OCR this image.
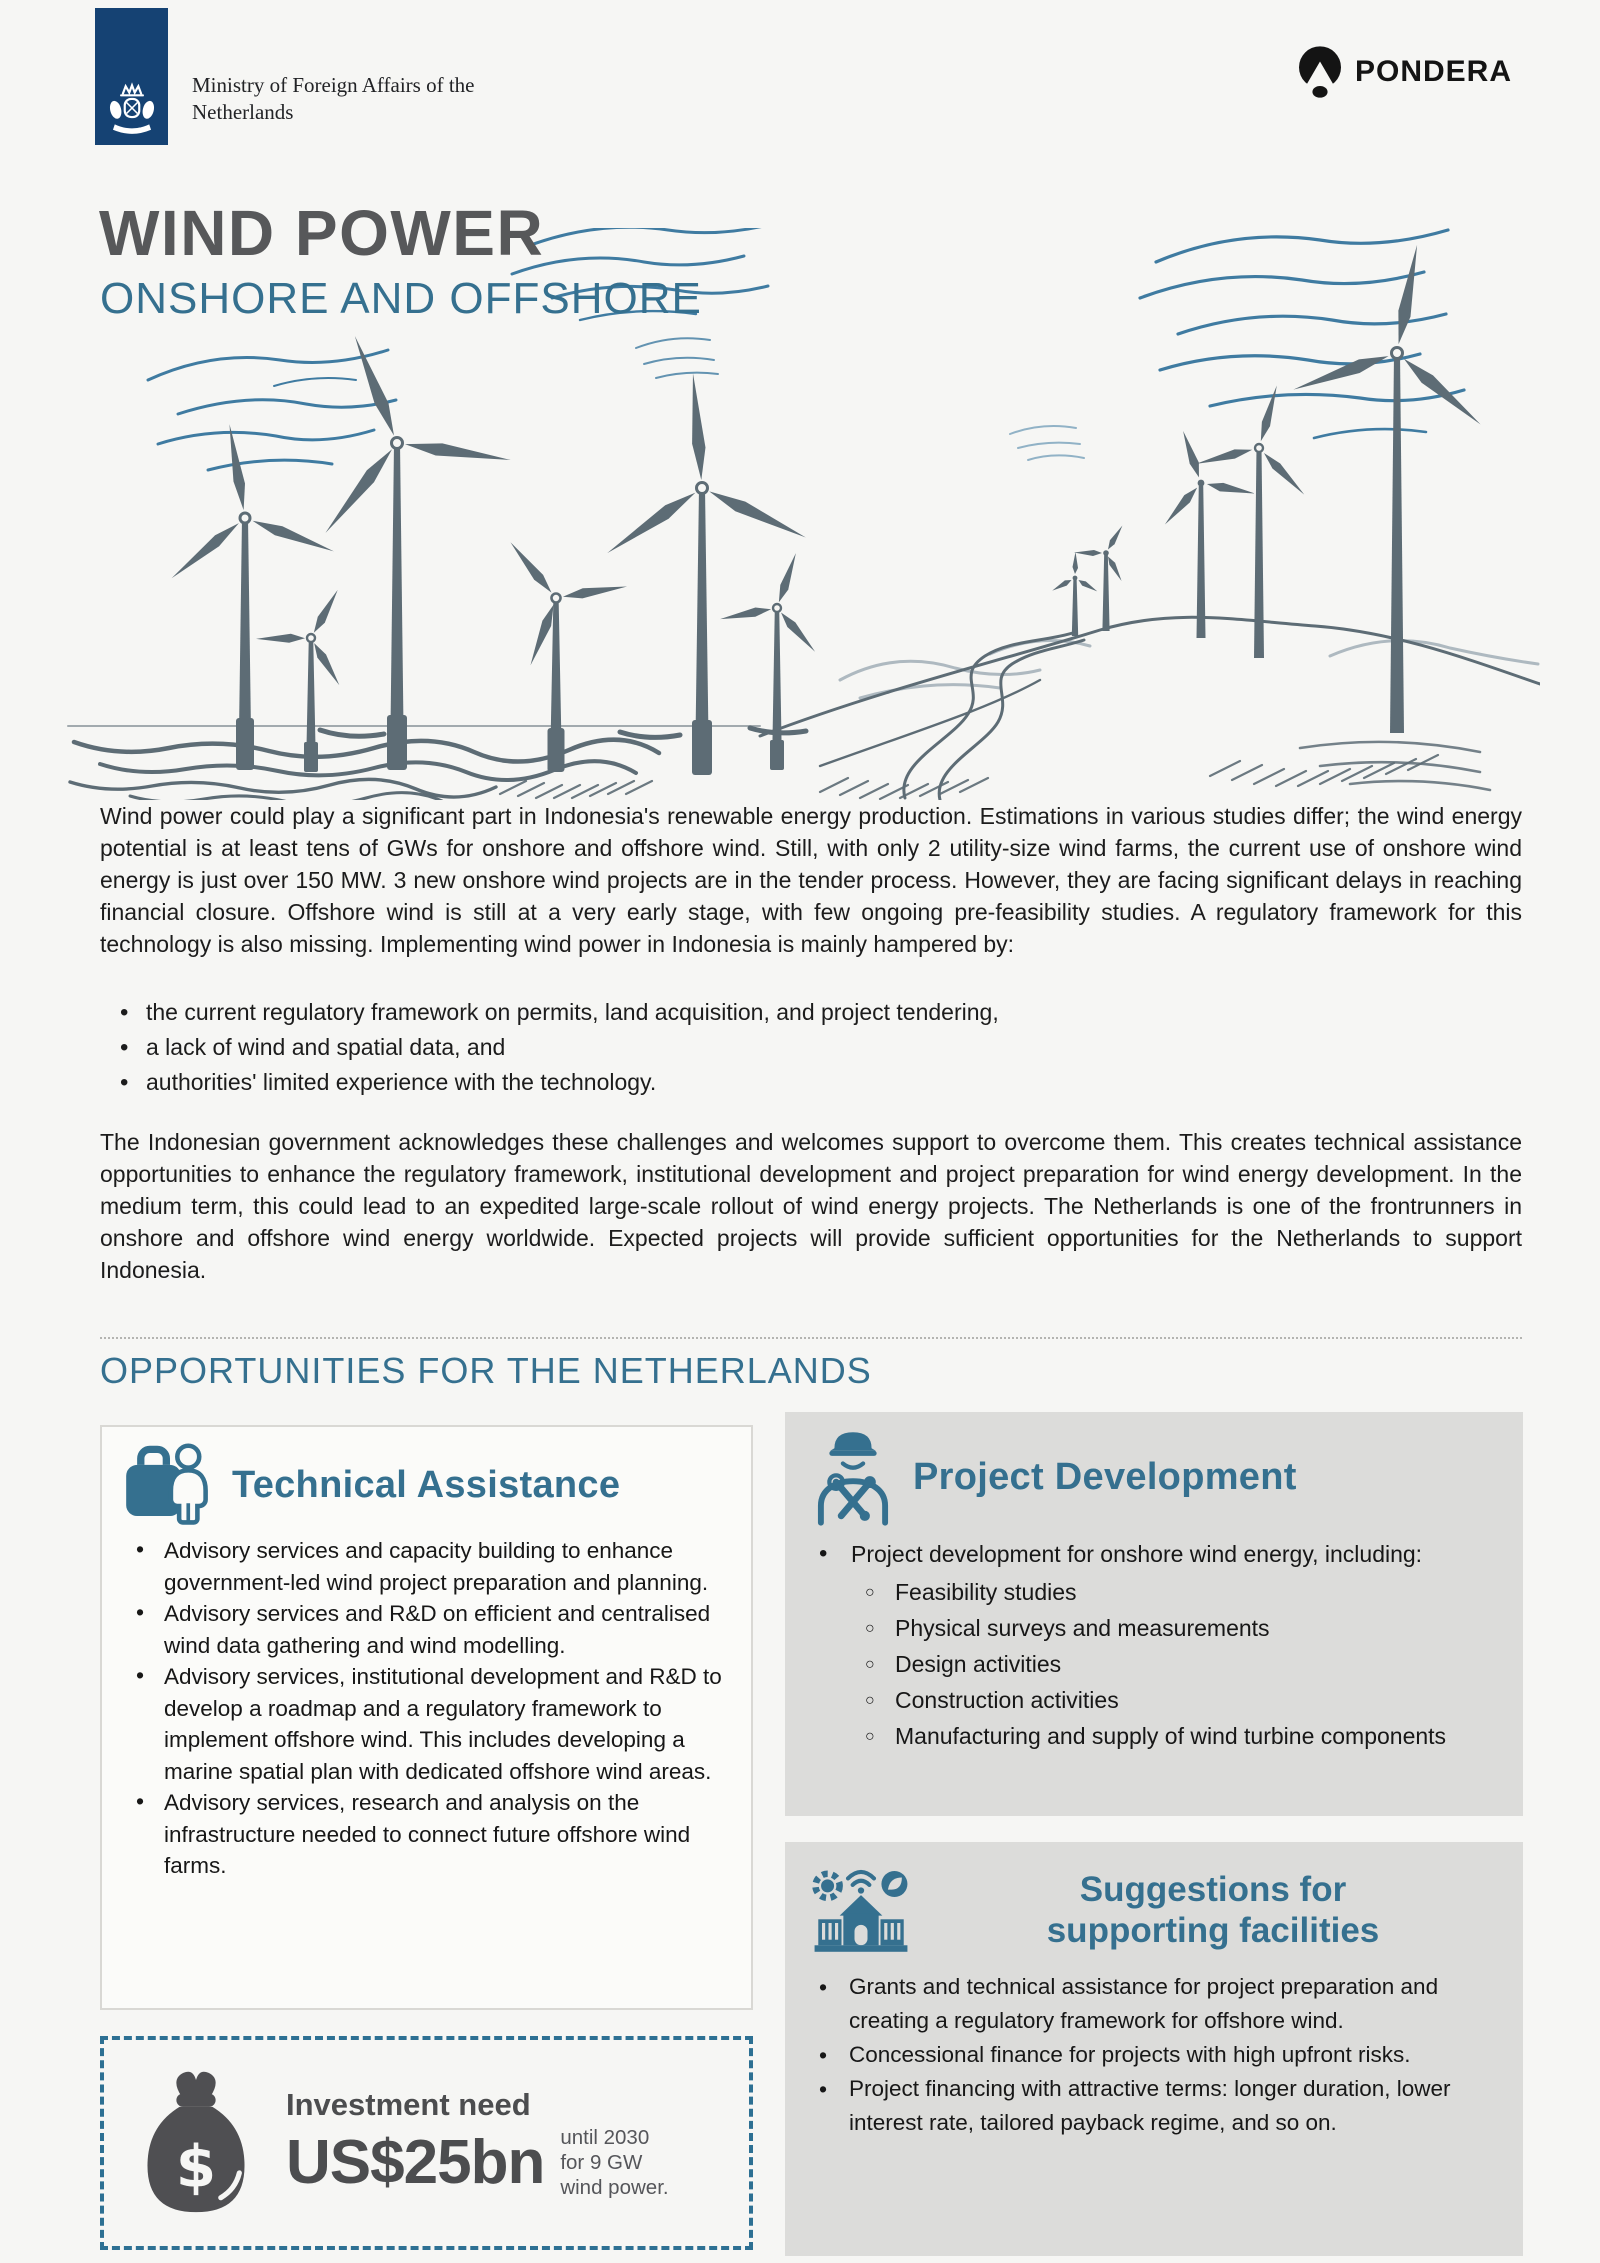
Ministry of Foreign Affairs of the
Netherlands
PONDERA
WIND POWER
ONSHORE AND OFFSHORE

Wind power could play a significant part in Indonesia's renewable energy production. Estimations in various studies differ; the wind energy potential is at least tens of GWs for onshore and offshore wind. Still, with only 2 utility-size wind farms, the current use of onshore wind energy is just over 150 MW. 3 new onshore wind projects are in the tender process. However, they are facing significant delays in reaching financial closure. Offshore wind is still at a very early stage, with few ongoing pre-feasibility studies. A regulatory framework for this technology is also missing. Implementing wind power in Indonesia is mainly hampered by:

• the current regulatory framework on permits, land acquisition, and project tendering,
• a lack of wind and spatial data, and
• authorities' limited experience with the technology.

The Indonesian government acknowledges these challenges and welcomes support to overcome them. This creates technical assistance opportunities to enhance the regulatory framework, institutional development and project preparation for wind energy development. In the medium term, this could lead to an expedited large-scale rollout of wind energy projects. The Netherlands is one of the frontrunners in onshore and offshore wind energy worldwide. Expected projects will provide sufficient opportunities for the Netherlands to support Indonesia.

OPPORTUNITIES FOR THE NETHERLANDS
Technical Assistance
• Advisory services and capacity building to enhance government-led wind project preparation and planning.
• Advisory services and R&D on efficient and centralised wind data gathering and wind modelling.
• Advisory services, institutional development and R&D to develop a roadmap and a regulatory framework to implement offshore wind. This includes developing a marine spatial plan with dedicated offshore wind areas.
• Advisory services, research and analysis on the infrastructure needed to connect future offshore wind farms.
$
Investment need
US$25bn until 2030
for 9 GW
wind power.
Project Development
• Project development for onshore wind energy, including:
○ Feasibility studies
○ Physical surveys and measurements
○ Design activities
○ Construction activities
○ Manufacturing and supply of wind turbine components
Suggestions for
supporting facilities
• Grants and technical assistance for project preparation and creating a regulatory framework for offshore wind.
• Concessional finance for projects with high upfront risks.
• Project financing with attractive terms: longer duration, lower interest rate, tailored payback regime, and so on.
